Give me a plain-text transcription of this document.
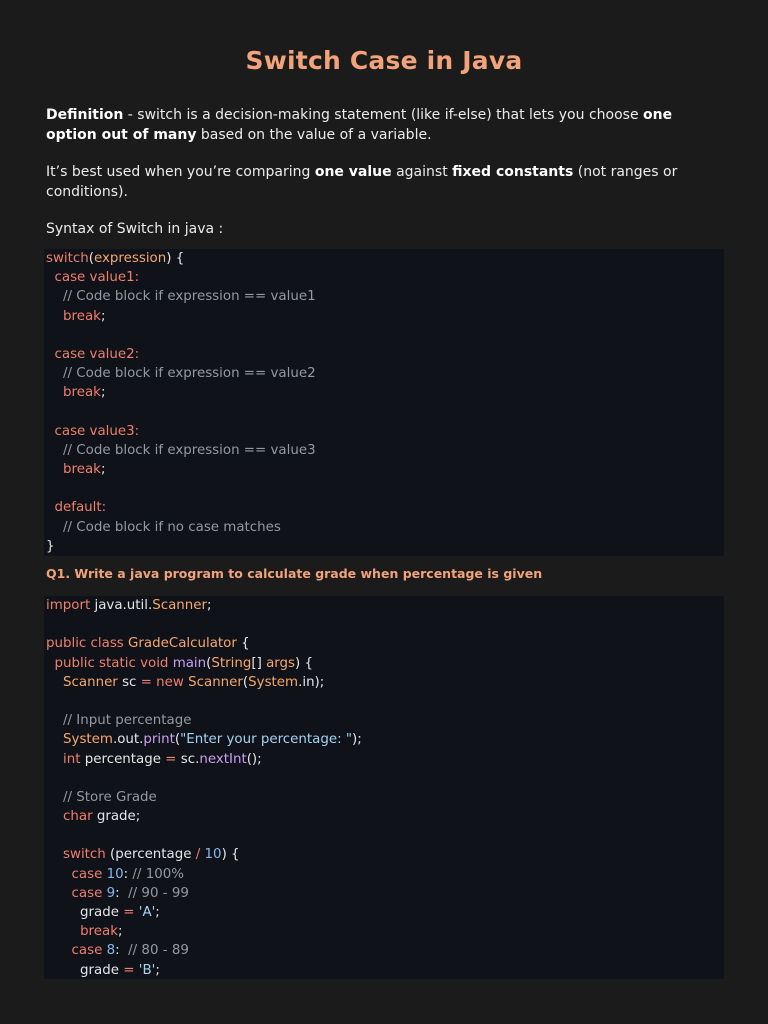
Switch Case in Java
Definition - switch is a decision-making statement (like if-else) that lets you choose one option out of many based on the value of a variable.
It’s best used when you’re comparing one value against fixed constants (not ranges or conditions).
Syntax of Switch in java :
switch(expression) {
case value1:
// Code block if expression == value1
break;

case value2:
// Code block if expression == value2
break;

case value3:
// Code block if expression == value3
break;

default:
// Code block if no case matches
}
Q1. Write a java program to calculate grade when percentage is given
import java.util.Scanner;

public class GradeCalculator {
public static void main(String[] args) {
Scanner sc = new Scanner(System.in);

// Input percentage
System.out.print("Enter your percentage: ");
int percentage = sc.nextInt();

// Store Grade
char grade;

switch (percentage / 10) {
case 10: // 100%
case 9:  // 90 - 99
grade = 'A';
break;
case 8:  // 80 - 89
grade = 'B';
